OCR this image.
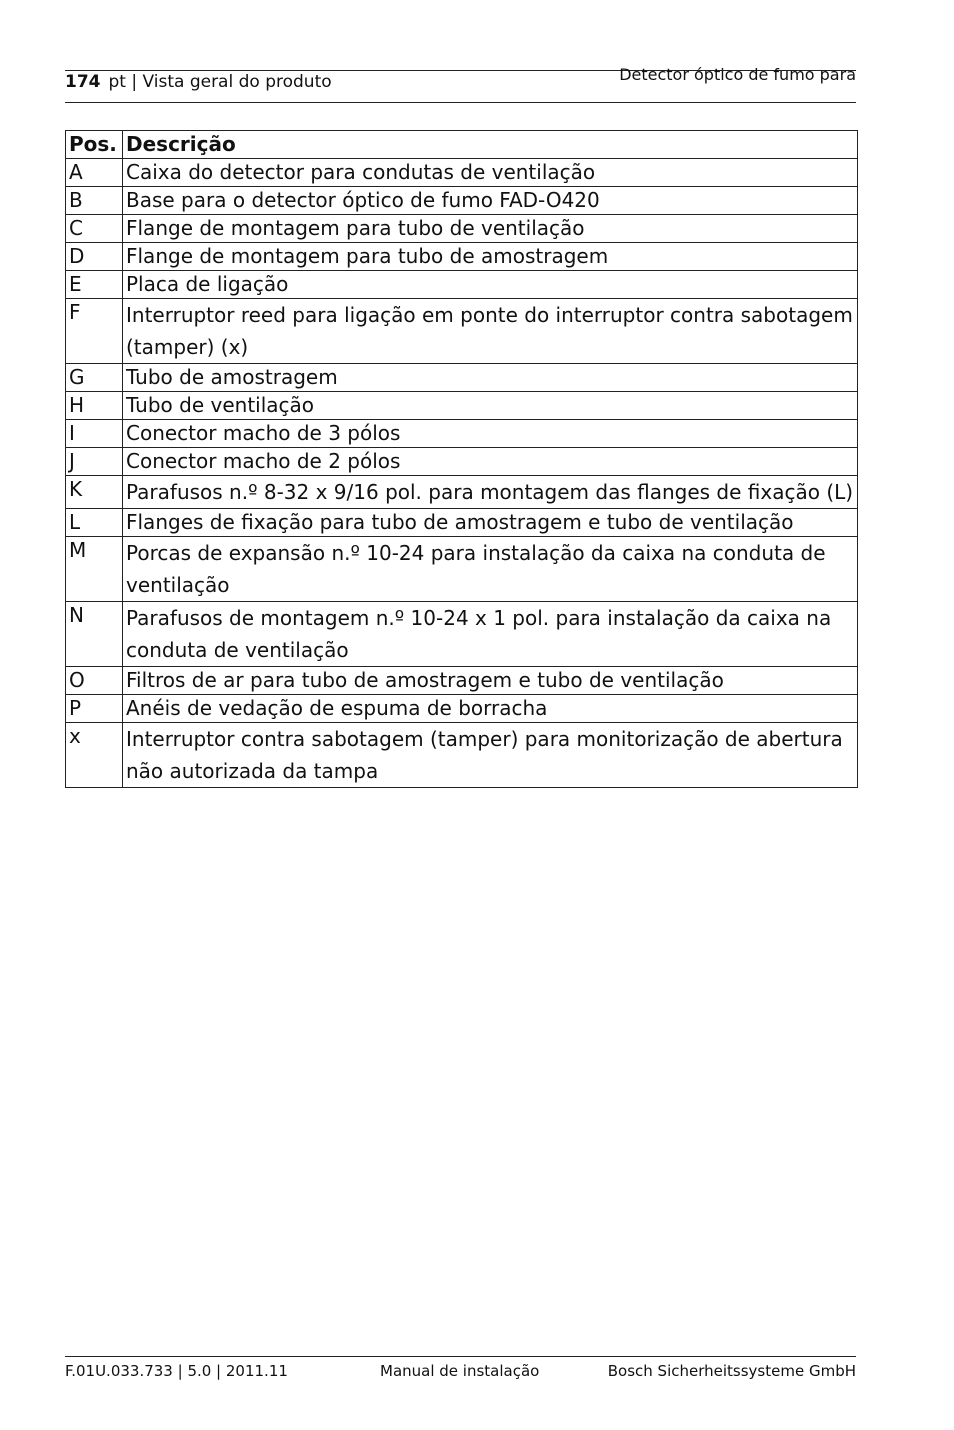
174 pt | Vista geral do produto	Detector óptico de fumo para
Pos.	Descrição
A	Caixa do detector para condutas de ventilação
B	Base para o detector óptico de fumo FAD-O420
C	Flange de montagem para tubo de ventilação
D	Flange de montagem para tubo de amostragem
E	Placa de ligação
F	Interruptor reed para ligação em ponte do interruptor contra sabotagem (tamper) (x)
G	Tubo de amostragem
H	Tubo de ventilação
I	Conector macho de 3 pólos
J	Conector macho de 2 pólos
K	Parafusos n.º 8-32 x 9/16 pol. para montagem das flanges de fixação (L)
L	Flanges de fixação para tubo de amostragem e tubo de ventilação
M	Porcas de expansão n.º 10-24 para instalação da caixa na conduta de ventilação
N	Parafusos de montagem n.º 10-24 x 1 pol. para instalação da caixa na conduta de ventilação
O	Filtros de ar para tubo de amostragem e tubo de ventilação
P	Anéis de vedação de espuma de borracha
x	Interruptor contra sabotagem (tamper) para monitorização de abertura não autorizada da tampa
F.01U.033.733 | 5.0 | 2011.11	Manual de instalação	Bosch Sicherheitssysteme GmbH
